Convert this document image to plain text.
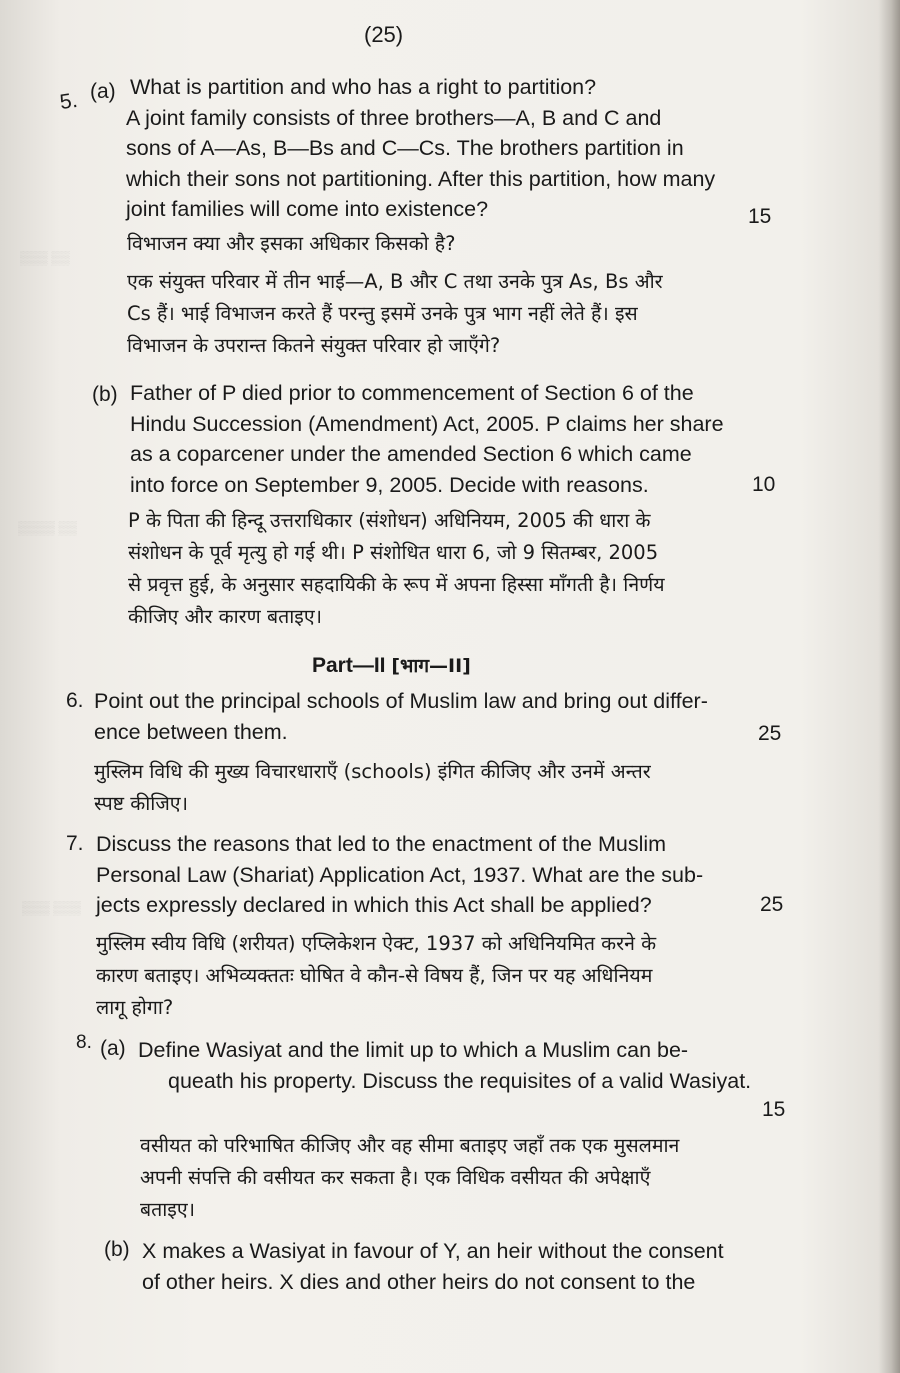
▒▒▒ ▒▒
▒▒▒▒ ▒▒
▒▒▒ ▒▒▒
(25)
5. (a) What is partition and who has a right to partition?
A joint family consists of three brothers—A, B and C and
sons of A—As, B—Bs and C—Cs. The brothers partition in
which their sons not partitioning. After this partition, how many
joint families will come into existence?	15
विभाजन क्या और इसका अधिकार किसको है?
एक संयुक्त परिवार में तीन भाई—A, B और C तथा उनके पुत्र As, Bs और
Cs हैं। भाई विभाजन करते हैं परन्तु इसमें उनके पुत्र भाग नहीं लेते हैं। इस
विभाजन के उपरान्त कितने संयुक्त परिवार हो जाएँगे?
(b) Father of P died prior to commencement of Section 6 of the
Hindu Succession (Amendment) Act, 2005. P claims her share
as a coparcener under the amended Section 6 which came
into force on September 9, 2005. Decide with reasons.	10
P के पिता की हिन्दू उत्तराधिकार (संशोधन) अधिनियम, 2005 की धारा के
संशोधन के पूर्व मृत्यु हो गई थी। P संशोधित धारा 6, जो 9 सितम्बर, 2005
से प्रवृत्त हुई, के अनुसार सहदायिकी के रूप में अपना हिस्सा माँगती है। निर्णय
कीजिए और कारण बताइए।
Part—II [भाग—II]
6. Point out the principal schools of Muslim law and bring out differ-
ence between them.	25
मुस्लिम विधि की मुख्य विचारधाराएँ (schools) इंगित कीजिए और उनमें अन्तर
स्पष्ट कीजिए।
7. Discuss the reasons that led to the enactment of the Muslim
Personal Law (Shariat) Application Act, 1937. What are the sub-
jects expressly declared in which this Act shall be applied?	25
मुस्लिम स्वीय विधि (शरीयत) एप्लिकेशन ऐक्ट, 1937 को अधिनियमित करने के
कारण बताइए। अभिव्यक्ततः घोषित वे कौन-से विषय हैं, जिन पर यह अधिनियम
लागू होगा?
8. (a) Define Wasiyat and the limit up to which a Muslim can be-
queath his property. Discuss the requisites of a valid Wasiyat.
15
वसीयत को परिभाषित कीजिए और वह सीमा बताइए जहाँ तक एक मुसलमान
अपनी संपत्ति की वसीयत कर सकता है। एक विधिक वसीयत की अपेक्षाएँ
बताइए।
(b) X makes a Wasiyat in favour of Y, an heir without the consent
of other heirs. X dies and other heirs do not consent to the
